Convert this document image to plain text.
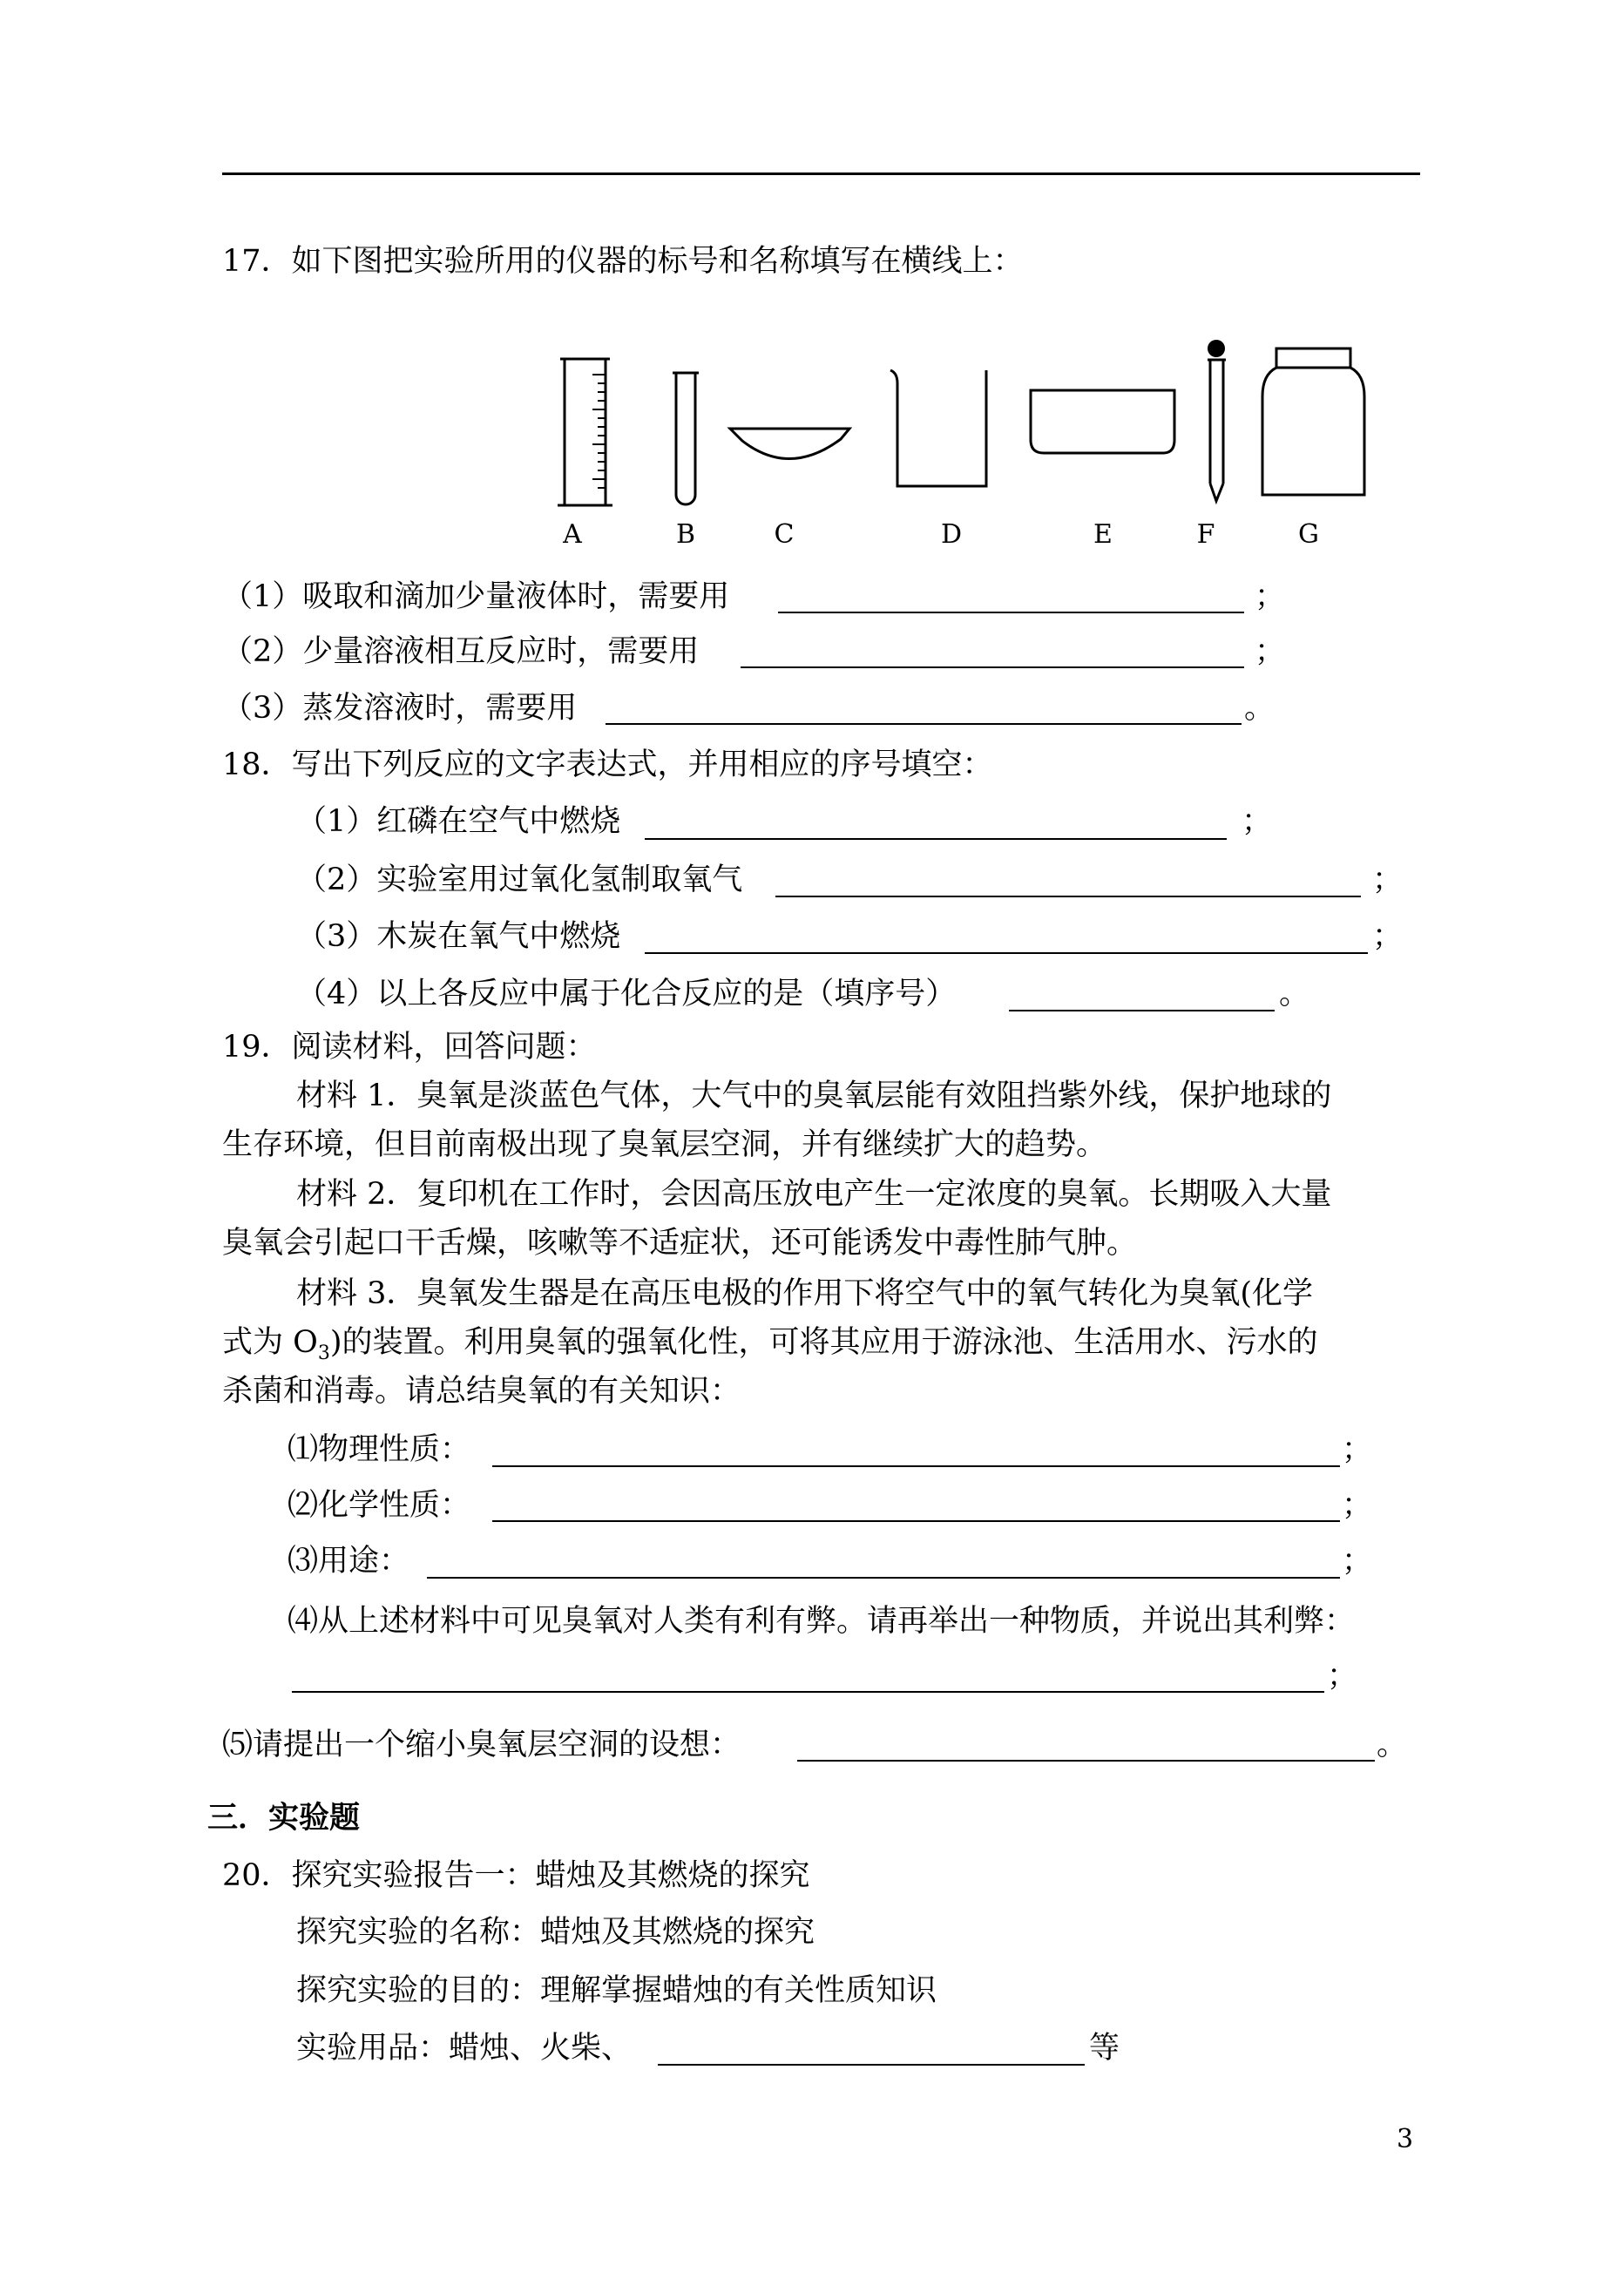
17．如下图把实验所用的仪器的标号和名称填写在横线上：
A	B	C	D	E	F	G
（1）吸取和滴加少量液体时，需要用	；
（2）少量溶液相互反应时，需要用	；
（3）蒸发溶液时，需要用	。
18．写出下列反应的文字表达式，并用相应的序号填空：
（1）红磷在空气中燃烧	；
（2）实验室用过氧化氢制取氧气	；
（3）木炭在氧气中燃烧	；
（4）以上各反应中属于化合反应的是（填序号）	。
19．阅读材料，回答问题：
材料 1．臭氧是淡蓝色气体，大气中的臭氧层能有效阻挡紫外线，保护地球的
生存环境，但目前南极出现了臭氧层空洞，并有继续扩大的趋势。
材料 2．复印机在工作时，会因高压放电产生一定浓度的臭氧。长期吸入大量
臭氧会引起口干舌燥，咳嗽等不适症状，还可能诱发中毒性肺气肿。
材料 3．臭氧发生器是在高压电极的作用下将空气中的氧气转化为臭氧(化学
式为 $O_3$)的装置。利用臭氧的强氧化性，可将其应用于游泳池、生活用水、污水的
杀菌和消毒。请总结臭氧的有关知识：
⑴物理性质：	；
⑵化学性质：	；
⑶用途：	；
⑷从上述材料中可见臭氧对人类有利有弊。请再举出一种物质，并说出其利弊：
；
⑸请提出一个缩小臭氧层空洞的设想：	。
三．实验题
20．探究实验报告一：蜡烛及其燃烧的探究
探究实验的名称：蜡烛及其燃烧的探究
探究实验的目的：理解掌握蜡烛的有关性质知识
实验用品：蜡烛、火柴、	等
3
